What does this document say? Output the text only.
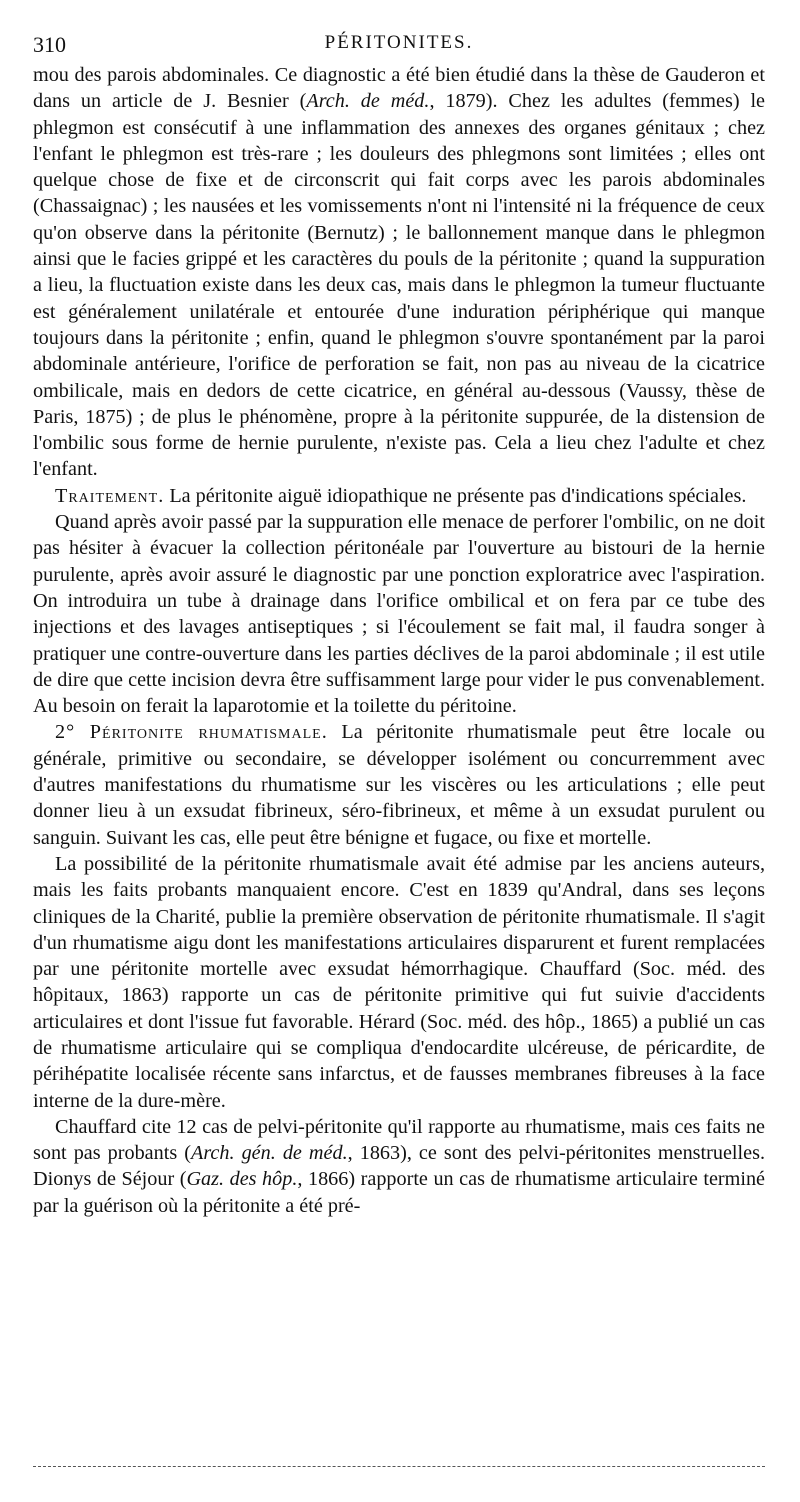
310	PÉRITONITES.

mou des parois abdominales. Ce diagnostic a été bien étudié dans la thèse de Gauderon et dans un article de J. Besnier (Arch. de méd., 1879). Chez les adultes (femmes) le phlegmon est consécutif à une inflammation des annexes des organes génitaux ; chez l'enfant le phlegmon est très-rare ; les douleurs des phlegmons sont limitées ; elles ont quelque chose de fixe et de circonscrit qui fait corps avec les parois abdominales (Chassaignac) ; les nausées et les vomissements n'ont ni l'intensité ni la fréquence de ceux qu'on observe dans la péritonite (Bernutz) ; le ballonnement manque dans le phlegmon ainsi que le facies grippé et les caractères du pouls de la péritonite ; quand la suppuration a lieu, la fluctuation existe dans les deux cas, mais dans le phlegmon la tumeur fluctuante est généralement unilatérale et entourée d'une induration périphérique qui manque toujours dans la péritonite ; enfin, quand le phlegmon s'ouvre spontanément par la paroi abdominale antérieure, l'orifice de perforation se fait, non pas au niveau de la cicatrice ombilicale, mais en dedors de cette cicatrice, en général au-dessous (Vaussy, thèse de Paris, 1875) ; de plus le phénomène, propre à la péritonite suppurée, de la distension de l'ombilic sous forme de hernie purulente, n'existe pas. Cela a lieu chez l'adulte et chez l'enfant.

Traitement. La péritonite aiguë idiopathique ne présente pas d'indications spéciales.

Quand après avoir passé par la suppuration elle menace de perforer l'ombilic, on ne doit pas hésiter à évacuer la collection péritonéale par l'ouverture au bistouri de la hernie purulente, après avoir assuré le diagnostic par une ponction exploratrice avec l'aspiration. On introduira un tube à drainage dans l'orifice ombilical et on fera par ce tube des injections et des lavages antiseptiques ; si l'écoulement se fait mal, il faudra songer à pratiquer une contre-ouverture dans les parties déclives de la paroi abdominale ; il est utile de dire que cette incision devra être suffisamment large pour vider le pus convenablement. Au besoin on ferait la laparotomie et la toilette du péritoine.

2° Péritonite rhumatismale. La péritonite rhumatismale peut être locale ou générale, primitive ou secondaire, se développer isolément ou concurremment avec d'autres manifestations du rhumatisme sur les viscères ou les articulations ; elle peut donner lieu à un exsudat fibrineux, séro-fibrineux, et même à un exsudat purulent ou sanguin. Suivant les cas, elle peut être bénigne et fugace, ou fixe et mortelle.

La possibilité de la péritonite rhumatismale avait été admise par les anciens auteurs, mais les faits probants manquaient encore. C'est en 1839 qu'Andral, dans ses leçons cliniques de la Charité, publie la première observation de péritonite rhumatismale. Il s'agit d'un rhumatisme aigu dont les manifestations articulaires disparurent et furent remplacées par une péritonite mortelle avec exsudat hémorrhagique. Chauffard (Soc. méd. des hôpitaux, 1863) rapporte un cas de péritonite primitive qui fut suivie d'accidents articulaires et dont l'issue fut favorable. Hérard (Soc. méd. des hôp., 1865) a publié un cas de rhumatisme articulaire qui se compliqua d'endocardite ulcéreuse, de péricardite, de périhépatite localisée récente sans infarctus, et de fausses membranes fibreuses à la face interne de la dure-mère.

Chauffard cite 12 cas de pelvi-péritonite qu'il rapporte au rhumatisme, mais ces faits ne sont pas probants (Arch. gén. de méd., 1863), ce sont des pelvi-péritonites menstruelles. Dionys de Séjour (Gaz. des hôp., 1866) rapporte un cas de rhumatisme articulaire terminé par la guérison où la péritonite a été pré-
